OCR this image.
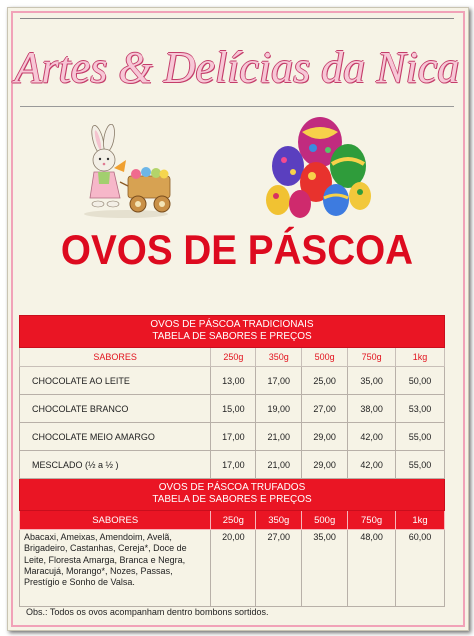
Artes & Delícias da Nica
OVOS DE PÁSCOA
OVOS DE PÁSCOA TRADICIONAIS
TABELA DE SABORES E PREÇOS					

SABORES	250g	350g	500g	750g	1kg
CHOCOLATE AO LEITE	13,00	17,00	25,00	35,00	50,00
CHOCOLATE BRANCO	15,00	19,00	27,00	38,00	53,00
CHOCOLATE MEIO AMARGO	17,00	21,00	29,00	42,00	55,00
MESCLADO (½ a ½ )	17,00	21,00	29,00	42,00	55,00

OVOS DE PÁSCOA TRUFADOS
TABELA DE SABORES E PREÇOS					

SABORES	250g	350g	500g	750g	1kg
Abacaxi, Ameixas, Amendoim, Avelã, Brigadeiro, Castanhas, Cereja*, Doce de Leite, Floresta Amarga, Branca e Negra, Maracujá, Morango*, Nozes, Passas, Prestígio e Sonho de Valsa.	20,00	27,00	35,00	48,00	60,00
Obs.: Todos os ovos acompanham dentro bombons sortidos.
